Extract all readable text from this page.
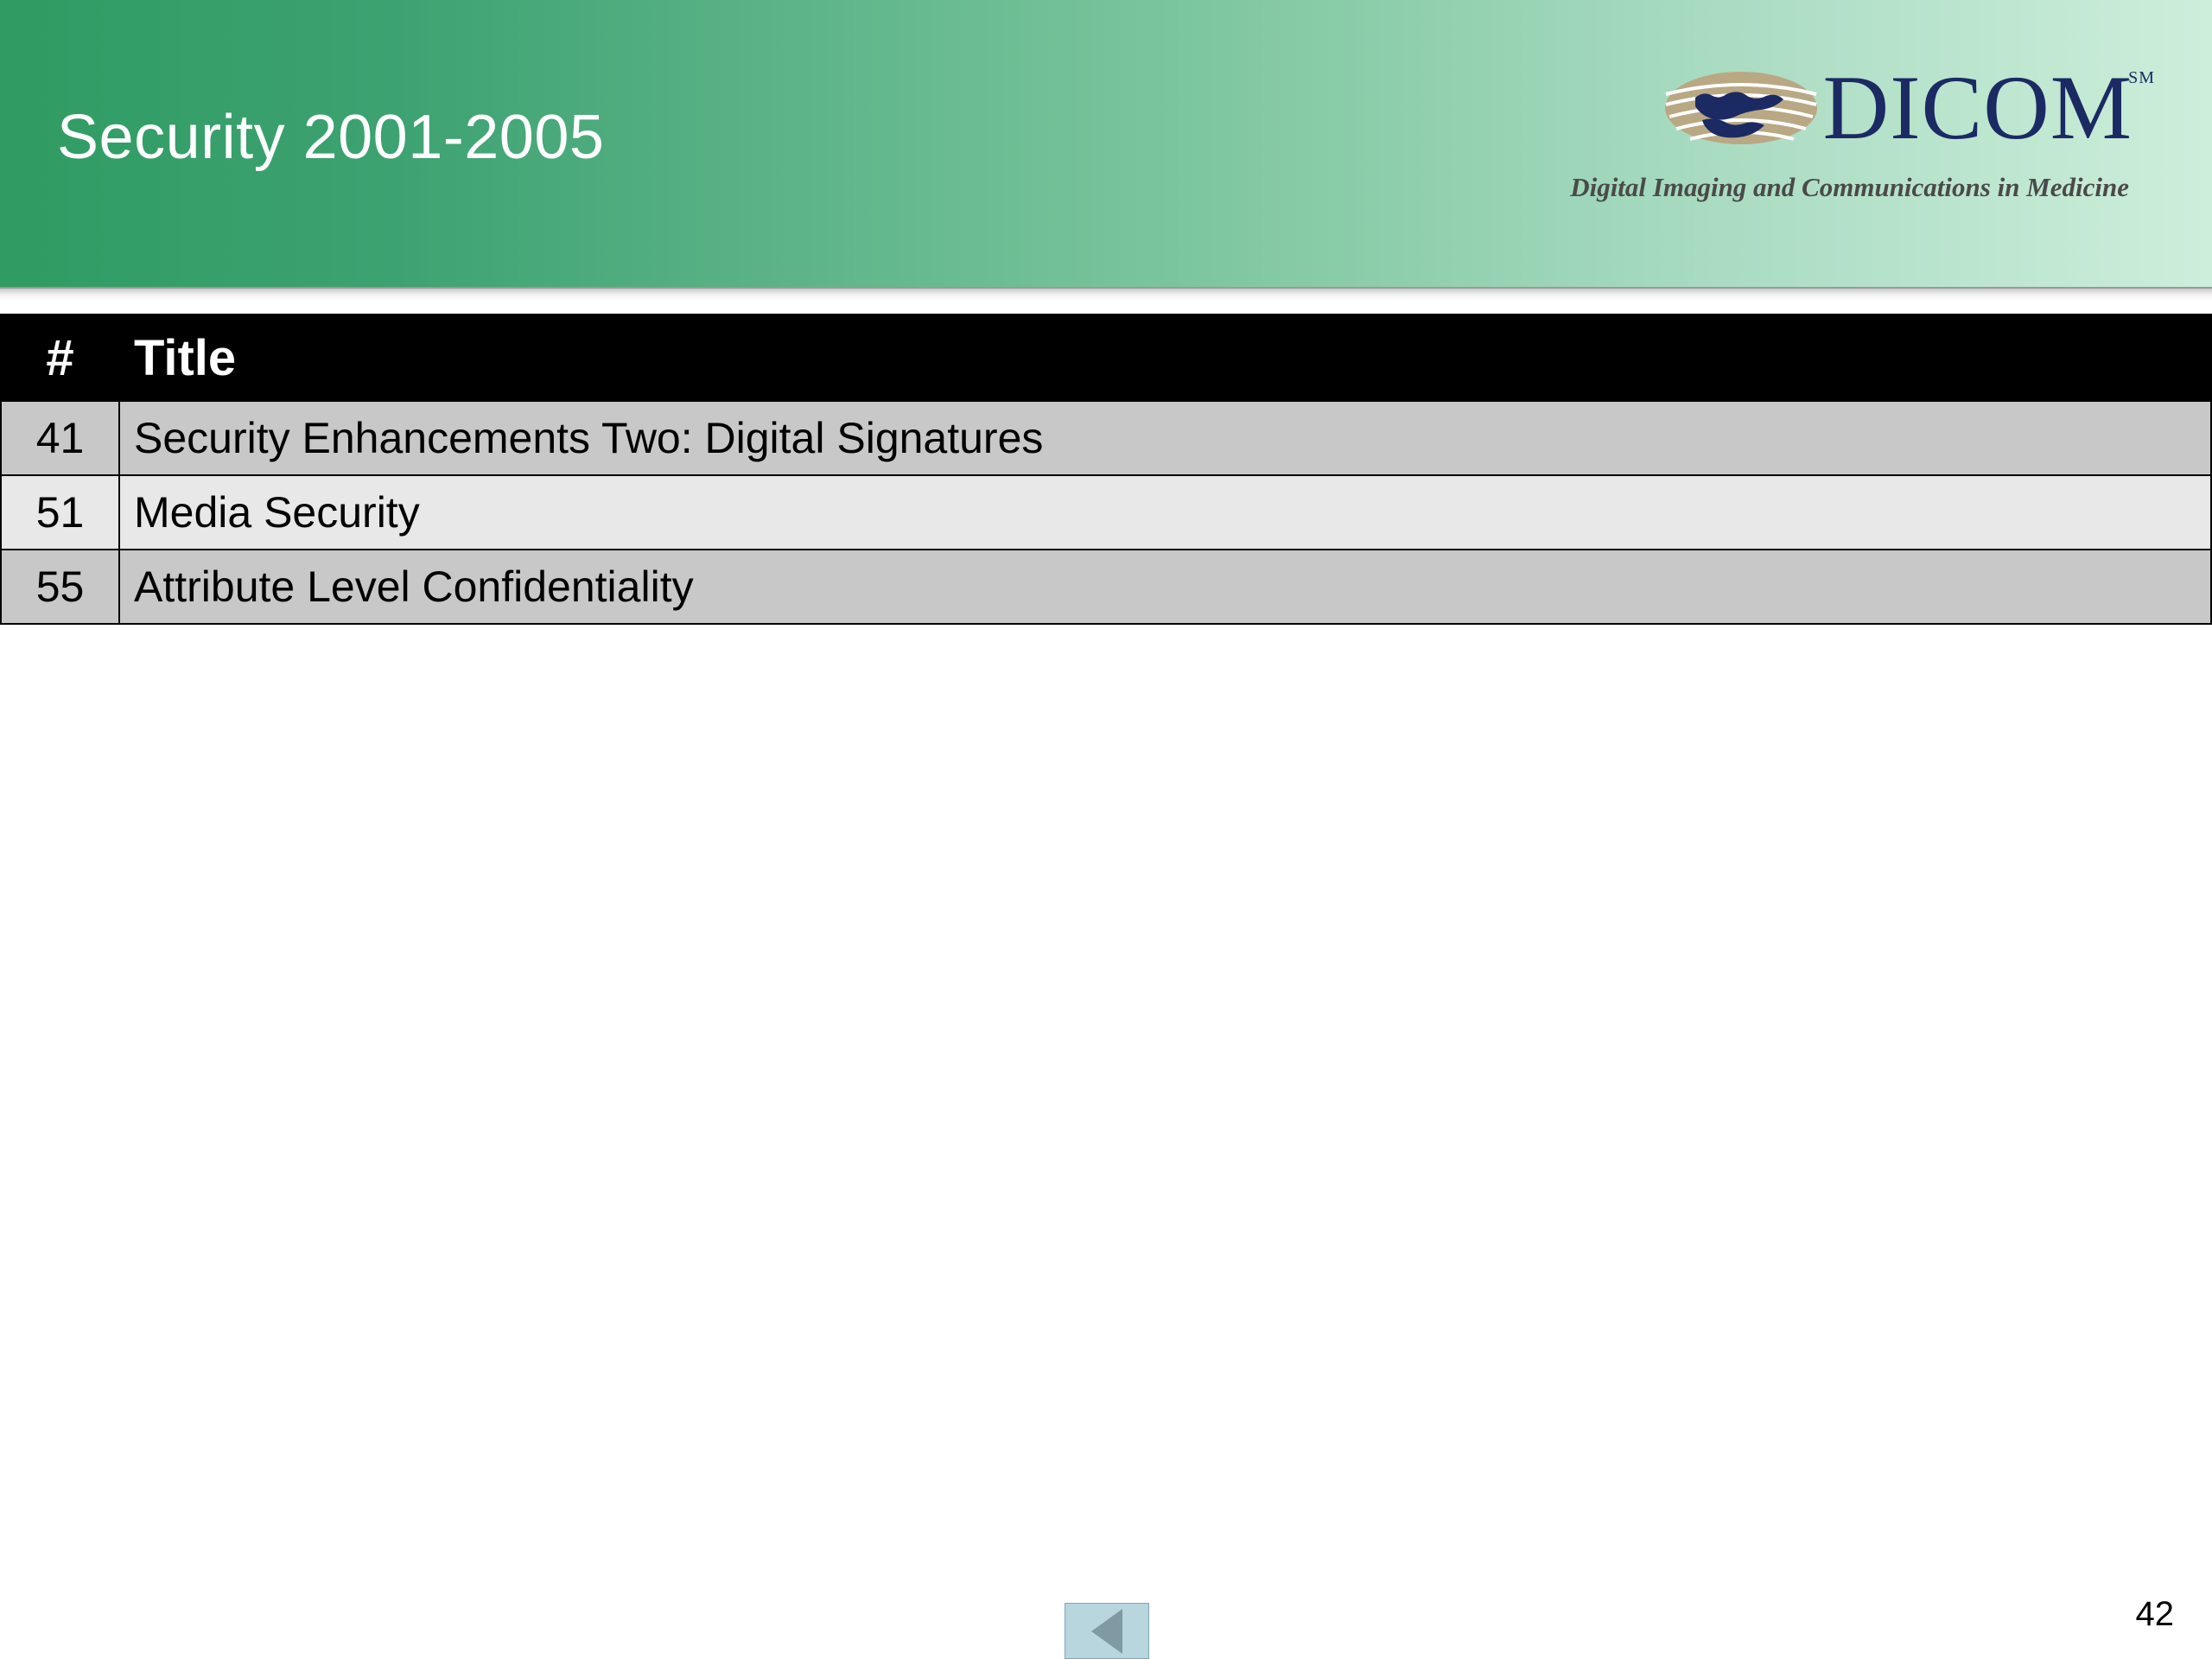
Security 2001-2005	DICOM
SM
Digital Imaging and Communications in Medicine
#	Title
41	Security Enhancements Two: Digital Signatures
51	Media Security
55	Attribute Level Confidentiality
42
